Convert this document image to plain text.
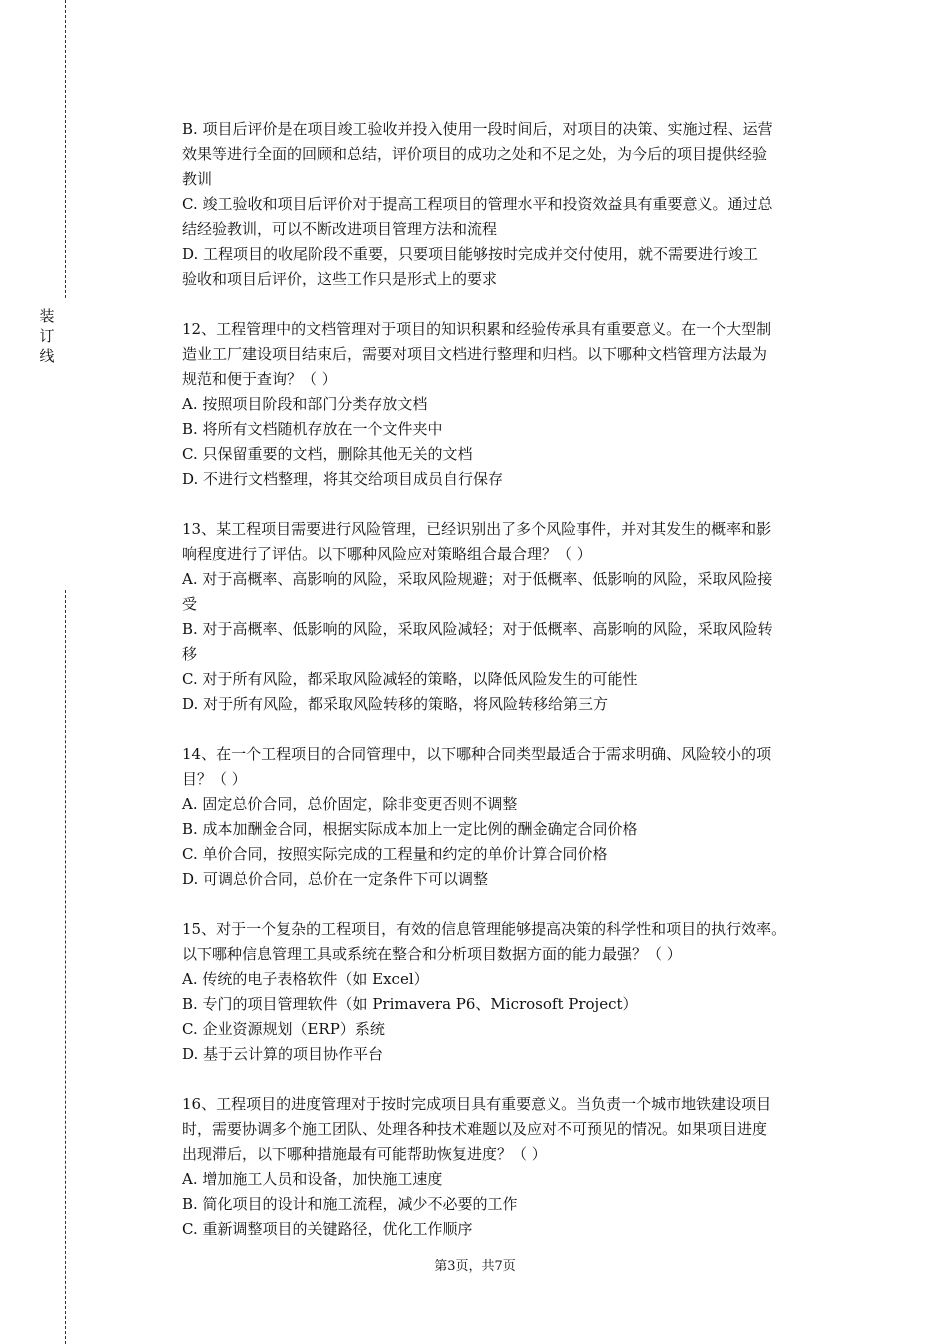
装
订
线
B. 项目后评价是在项目竣工验收并投入使用一段时间后，对项目的决策、实施过程、运营
效果等进行全面的回顾和总结，评价项目的成功之处和不足之处，为今后的项目提供经验
教训
C. 竣工验收和项目后评价对于提高工程项目的管理水平和投资效益具有重要意义。通过总
结经验教训，可以不断改进项目管理方法和流程
D. 工程项目的收尾阶段不重要，只要项目能够按时完成并交付使用，就不需要进行竣工
验收和项目后评价，这些工作只是形式上的要求
12、工程管理中的文档管理对于项目的知识积累和经验传承具有重要意义。在一个大型制
造业工厂建设项目结束后，需要对项目文档进行整理和归档。以下哪种文档管理方法最为
规范和便于查询？（ ）
A. 按照项目阶段和部门分类存放文档
B. 将所有文档随机存放在一个文件夹中
C. 只保留重要的文档，删除其他无关的文档
D. 不进行文档整理，将其交给项目成员自行保存
13、某工程项目需要进行风险管理，已经识别出了多个风险事件，并对其发生的概率和影
响程度进行了评估。以下哪种风险应对策略组合最合理？（ ）
A. 对于高概率、高影响的风险，采取风险规避；对于低概率、低影响的风险，采取风险接
受
B. 对于高概率、低影响的风险，采取风险减轻；对于低概率、高影响的风险，采取风险转
移
C. 对于所有风险，都采取风险减轻的策略，以降低风险发生的可能性
D. 对于所有风险，都采取风险转移的策略，将风险转移给第三方
14、在一个工程项目的合同管理中，以下哪种合同类型最适合于需求明确、风险较小的项
目？（ ）
A. 固定总价合同，总价固定，除非变更否则不调整
B. 成本加酬金合同，根据实际成本加上一定比例的酬金确定合同价格
C. 单价合同，按照实际完成的工程量和约定的单价计算合同价格
D. 可调总价合同，总价在一定条件下可以调整
15、对于一个复杂的工程项目，有效的信息管理能够提高决策的科学性和项目的执行效率。
以下哪种信息管理工具或系统在整合和分析项目数据方面的能力最强？（ ）
A. 传统的电子表格软件（如 Excel）
B. 专门的项目管理软件（如 Primavera P6、Microsoft Project）
C. 企业资源规划（ERP）系统
D. 基于云计算的项目协作平台
16、工程项目的进度管理对于按时完成项目具有重要意义。当负责一个城市地铁建设项目
时，需要协调多个施工团队、处理各种技术难题以及应对不可预见的情况。如果项目进度
出现滞后，以下哪种措施最有可能帮助恢复进度？（ ）
A. 增加施工人员和设备，加快施工速度
B. 简化项目的设计和施工流程，减少不必要的工作
C. 重新调整项目的关键路径，优化工作顺序
第3页，共7页
